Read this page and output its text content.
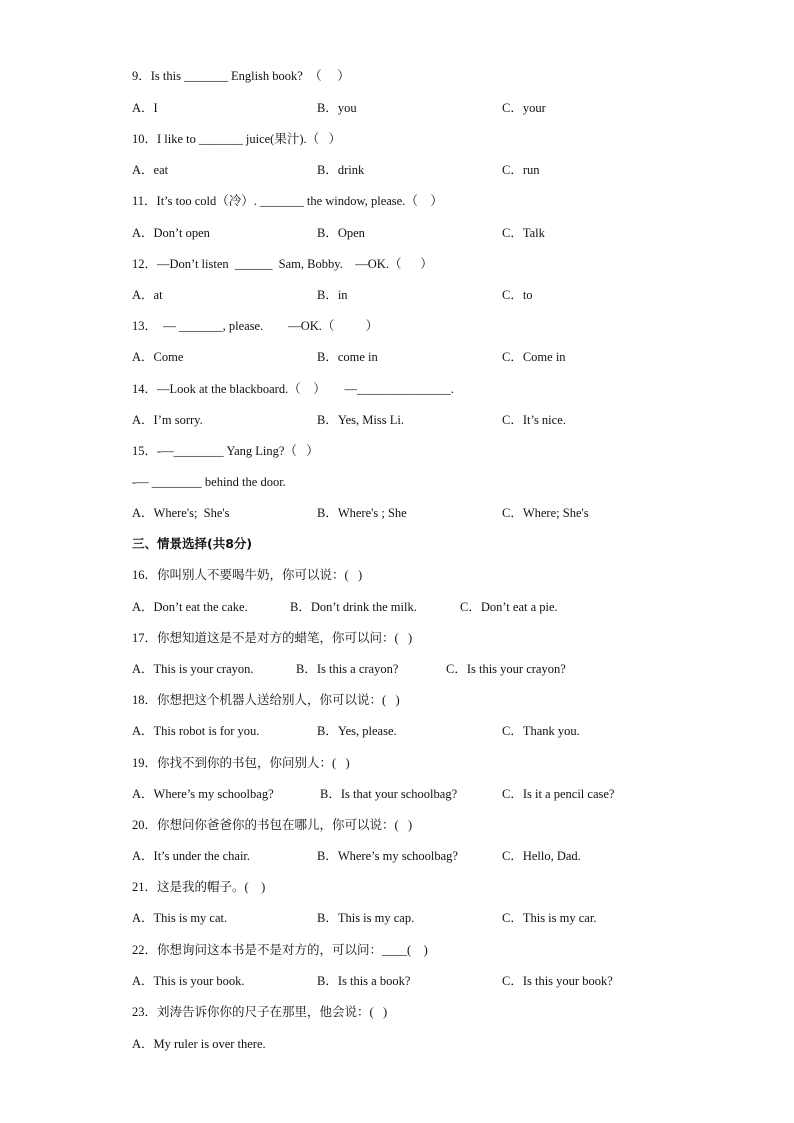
9．Is this _______ English book?  （     ）
A．I	B．you	C．your
10．I like to _______ juice(果汁).（   ）
A．eat	B．drink	C．run
11．It’s too cold（冷）. _______ the window, please.（    ）
A．Don’t open	B．Open	C．Talk
12．—Don’t listen  ______  Sam, Bobby.    —OK.（      ）
A．at	B．in	C．to
13．  — _______, please.        —OK.（          ）
A．Come	B．come in	C．Come in
14．—Look at the blackboard.（    ）      —_______________.
A．I’m sorry.	B．Yes, Miss Li.	C．It’s nice.
15．-—________ Yang Ling?（   ）
-— ________ behind the door.
A．Where's;  She's	B．Where's ; She	C．Where; She's
三、情景选择(共8分)
16．你叫别人不要喝牛奶，你可以说：(   )
A．Don’t eat the cake.	B．Don’t drink the milk.	C．Don’t eat a pie.
17．你想知道这是不是对方的蜡笔，你可以问：(   )
A．This is your crayon.	B．Is this a crayon?	C．Is this your crayon?
18．你想把这个机器人送给别人，你可以说：(   )
A．This robot is for you.	B．Yes, please.	C．Thank you.
19．你找不到你的书包，你问别人：(   )
A．Where’s my schoolbag?	B．Is that your schoolbag?	C．Is it a pencil case?
20．你想问你爸爸你的书包在哪儿，你可以说：(   )
A．It’s under the chair.	B．Where’s my schoolbag?	C．Hello, Dad.
21．这是我的帽子。(    )
A．This is my cat.	B．This is my cap.	C．This is my car.
22．你想询问这本书是不是对方的，可以问：____(    )
A．This is your book.	B．Is this a book?	C．Is this your book?
23．刘涛告诉你你的尺子在那里，他会说：(   )
A．My ruler is over there.
